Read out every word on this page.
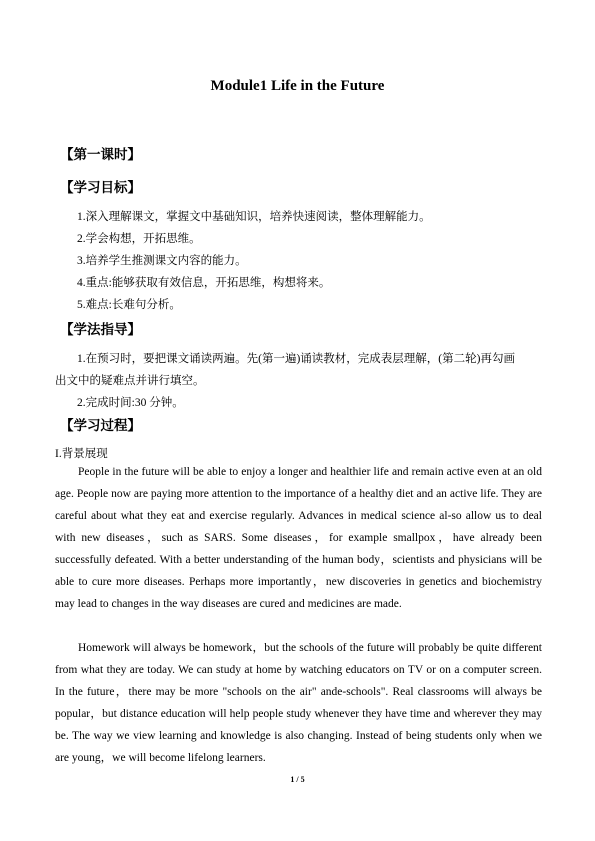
Module1 Life in the Future
【第一课时】
【学习目标】
1.深入理解课文，掌握文中基础知识，培养快速阅读，整体理解能力。
2.学会构想，开拓思维。
3.培养学生推测课文内容的能力。
4.重点:能够获取有效信息，开拓思维，构想将来。
5.难点:长难句分析。
【学法指导】
1.在预习时，要把课文诵读两遍。先(第一遍)诵读教材，完成表层理解，(第二轮)再勾画
出文中的疑难点并讲行填空。
2.完成时间:30 分钟。
【学习过程】
I.背景展现
People in the future will be able to enjoy a longer and healthier life and remain active even at an old age. People now are paying more attention to the importance of a healthy diet and an active life. They are careful about what they eat and exercise regularly. Advances in medical science al-so allow us to deal with new diseases，such as SARS. Some diseases，for example smallpox，have already been successfully defeated. With a better understanding of the human body，scientists and physicians will be able to cure more diseases. Perhaps more importantly，new discoveries in genetics and biochemistry may lead to changes in the way diseases are cured and medicines are made.
Homework will always be homework，but the schools of the future will probably be quite different from what they are today. We can study at home by watching educators on TV or on a computer screen. In the future，there may be more "schools on the air" and‎e-schools". Real classrooms will always be popular，but distance education will help people study whenever they have time and wherever they may be. The way we view learning and knowledge is also changing. Instead of being students only when we are young，we will become lifelong learners.
1 / 5
